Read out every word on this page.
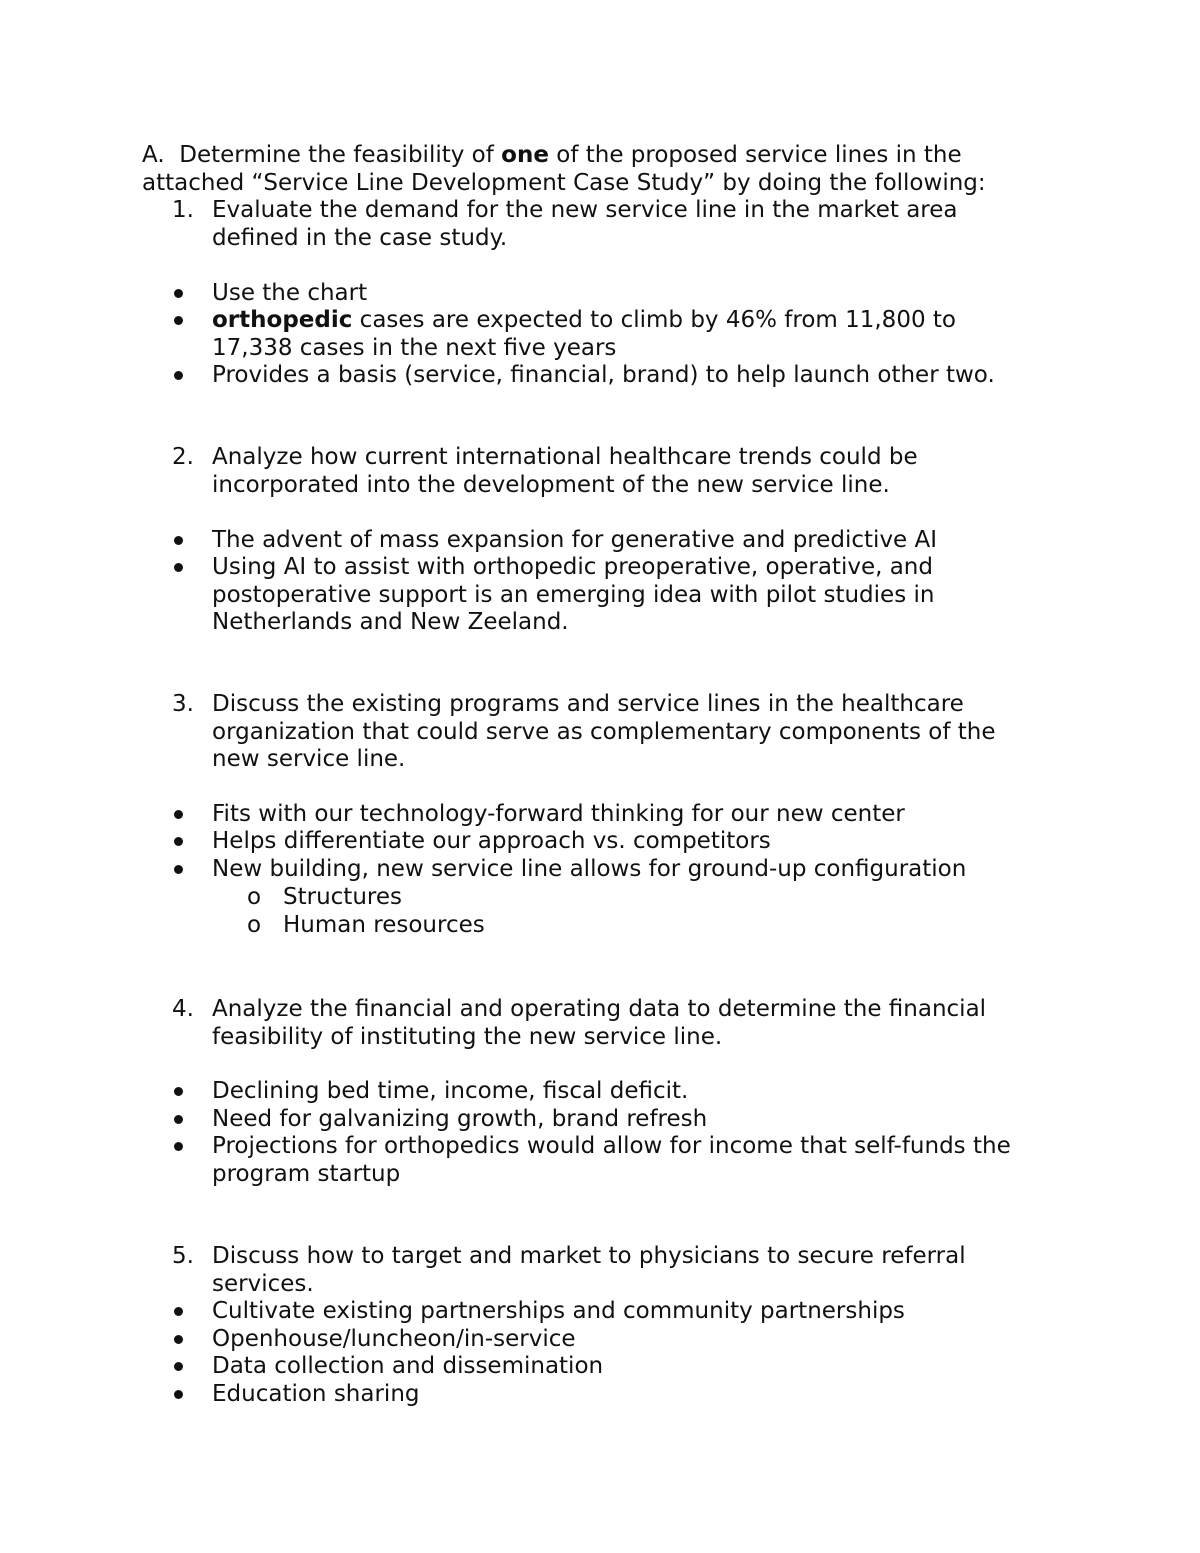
A. Determine the feasibility of one of the proposed service lines in the
attached “Service Line Development Case Study” by doing the following:
1. Evaluate the demand for the new service line in the market area
defined in the case study.
Use the chart
orthopedic cases are expected to climb by 46% from 11,800 to
17,338 cases in the next five years
Provides a basis (service, financial, brand) to help launch other two.
2. Analyze how current international healthcare trends could be
incorporated into the development of the new service line.
The advent of mass expansion for generative and predictive AI
Using AI to assist with orthopedic preoperative, operative, and
postoperative support is an emerging idea with pilot studies in
Netherlands and New Zeeland.
3. Discuss the existing programs and service lines in the healthcare
organization that could serve as complementary components of the
new service line.
Fits with our technology-forward thinking for our new center
Helps differentiate our approach vs. competitors
New building, new service line allows for ground-up configuration
o Structures
o Human resources
4. Analyze the financial and operating data to determine the financial
feasibility of instituting the new service line.
Declining bed time, income, fiscal deficit.
Need for galvanizing growth, brand refresh
Projections for orthopedics would allow for income that self-funds the
program startup
5. Discuss how to target and market to physicians to secure referral
services.
Cultivate existing partnerships and community partnerships
Openhouse/luncheon/in-service
Data collection and dissemination
Education sharing
